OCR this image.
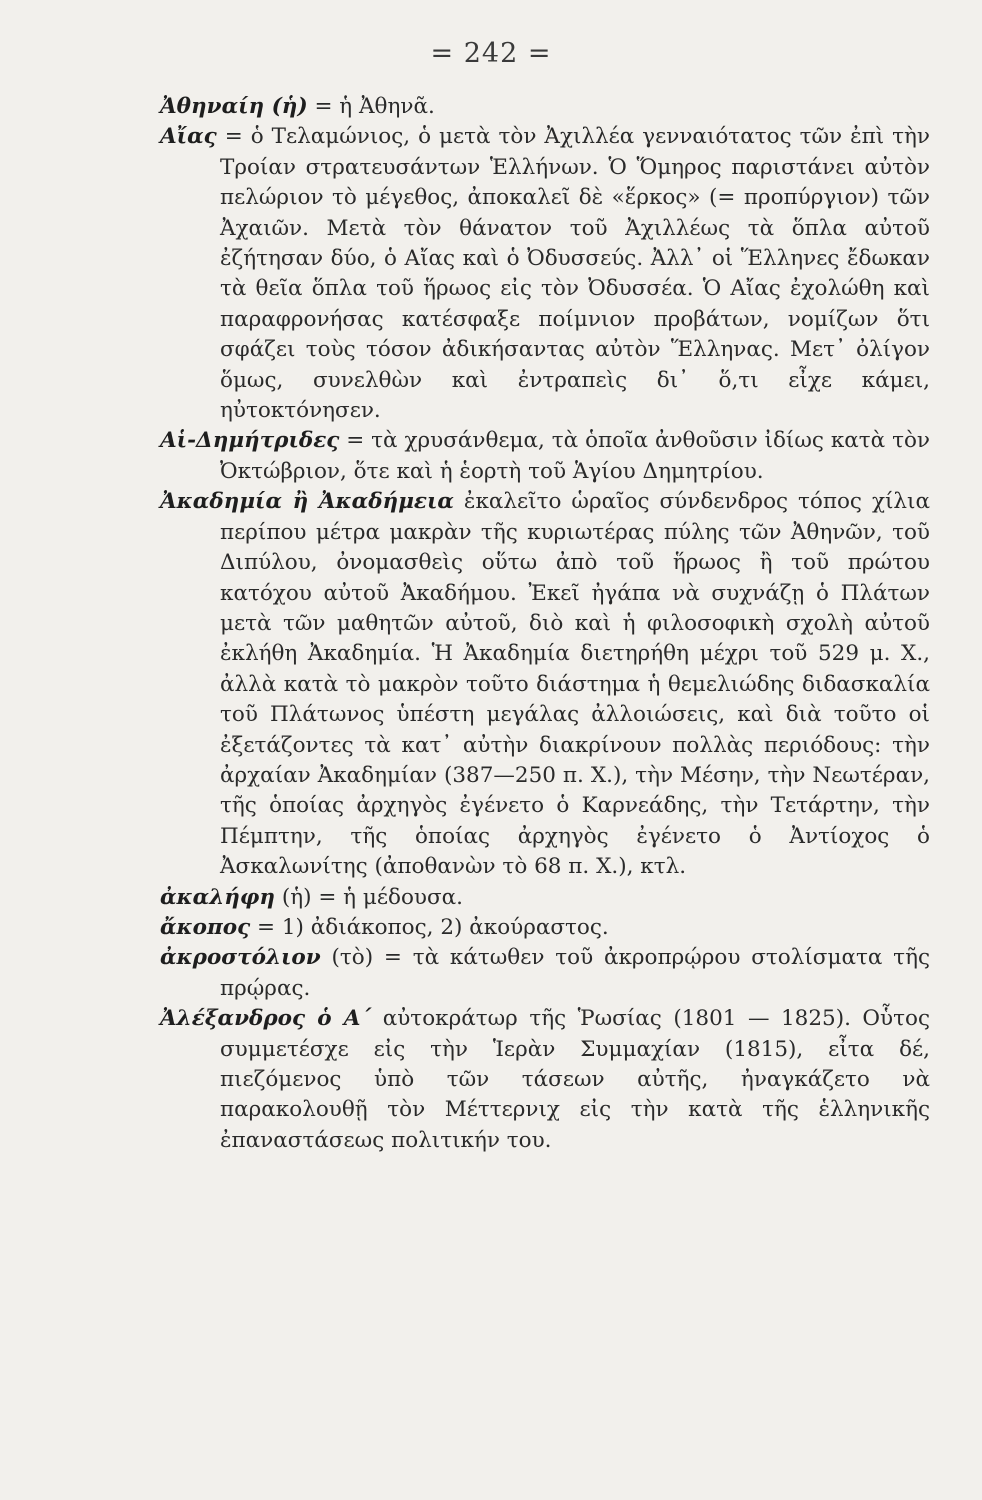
= 242 =

Ἀθηναίη (ἡ) = ἡ Ἀθηνᾶ.

Αἴας = ὁ Τελαμώνιος, ὁ μετὰ τὸν Ἀχιλλέα γενναιότατος τῶν ἐπὶ τὴν Τροίαν στρατευσάντων Ἑλλήνων. Ὁ Ὅμηρος παριστάνει αὐτὸν πελώριον τὸ μέγεθος, ἀποκαλεῖ δὲ «ἕρκος» (= προπύργιον) τῶν Ἀχαιῶν. Μετὰ τὸν θάνατον τοῦ Ἀχιλλέως τὰ ὅπλα αὐτοῦ ἐζήτησαν δύο, ὁ Αἴας καὶ ὁ Ὀδυσσεύς. Ἀλλ᾿ οἱ Ἕλληνες ἔδωκαν τὰ θεῖα ὅπλα τοῦ ἥρωος εἰς τὸν Ὀδυσσέα. Ὁ Αἴας ἐχολώθη καὶ παραφρονήσας κατέσφαξε ποίμνιον προβάτων, νομίζων ὅτι σφάζει τοὺς τόσον ἀδικήσαντας αὐτὸν Ἕλληνας. Μετ᾿ ὀλίγον ὅμως, συνελθὼν καὶ ἐντραπεὶς δι᾿ ὅ,τι εἶχε κάμει, ηὐτοκτόνησεν.

Αἱ-Δημήτριδες = τὰ χρυσάνθεμα, τὰ ὁποῖα ἀνθοῦσιν ἰδίως κατὰ τὸν Ὀκτώβριον, ὅτε καὶ ἡ ἑορτὴ τοῦ Ἁγίου Δημητρίου.

Ἀκαδημία ἢ Ἀκαδήμεια ἐκαλεῖτο ὡραῖος σύνδενδρος τόπος χίλια περίπου μέτρα μακρὰν τῆς κυριωτέρας πύλης τῶν Ἀθηνῶν, τοῦ Διπύλου, ὀνομασθεὶς οὕτω ἀπὸ τοῦ ἥρωος ἢ τοῦ πρώτου κατόχου αὐτοῦ Ἀκαδήμου. Ἐκεῖ ἠγάπα νὰ συχνάζῃ ὁ Πλάτων μετὰ τῶν μαθητῶν αὐτοῦ, διὸ καὶ ἡ φιλοσοφικὴ σχολὴ αὐτοῦ ἐκλήθη Ἀκαδημία. Ἡ Ἀκαδημία διετηρήθη μέχρι τοῦ 529 μ. Χ., ἀλλὰ κατὰ τὸ μακρὸν τοῦτο διάστημα ἡ θεμελιώδης διδασκαλία τοῦ Πλάτωνος ὑπέστη μεγάλας ἀλλοιώσεις, καὶ διὰ τοῦτο οἱ ἐξετάζοντες τὰ κατ᾿ αὐτὴν διακρίνουν πολλὰς περιόδους: τὴν ἀρχαίαν Ἀκαδημίαν (387—250 π. Χ.), τὴν Μέσην, τὴν Νεωτέραν, τῆς ὁποίας ἀρχηγὸς ἐγένετο ὁ Καρνεάδης, τὴν Τετάρτην, τὴν Πέμπτην, τῆς ὁποίας ἀρχηγὸς ἐγένετο ὁ Ἀντίοχος ὁ Ἀσκαλωνίτης (ἀποθανὼν τὸ 68 π. Χ.), κτλ.

ἀκαλήφη (ἡ) = ἡ μέδουσα.

ἄκοπος = 1) ἀδιάκοπος, 2) ἀκούραστος.

ἀκροστόλιον (τὸ) = τὰ κάτωθεν τοῦ ἀκροπρῴρου στολίσματα τῆς πρῴρας.

Ἀλέξανδρος ὁ Α´ αὐτοκράτωρ τῆς Ῥωσίας (1801 — 1825). Οὗτος συμμετέσχε εἰς τὴν Ἱερὰν Συμμαχίαν (1815), εἶτα δέ, πιεζόμενος ὑπὸ τῶν τάσεων αὐτῆς, ἠναγκάζετο νὰ παρακολουθῇ τὸν Μέττερνιχ εἰς τὴν κατὰ τῆς ἑλληνικῆς ἐπαναστάσεως πολιτικήν του.
